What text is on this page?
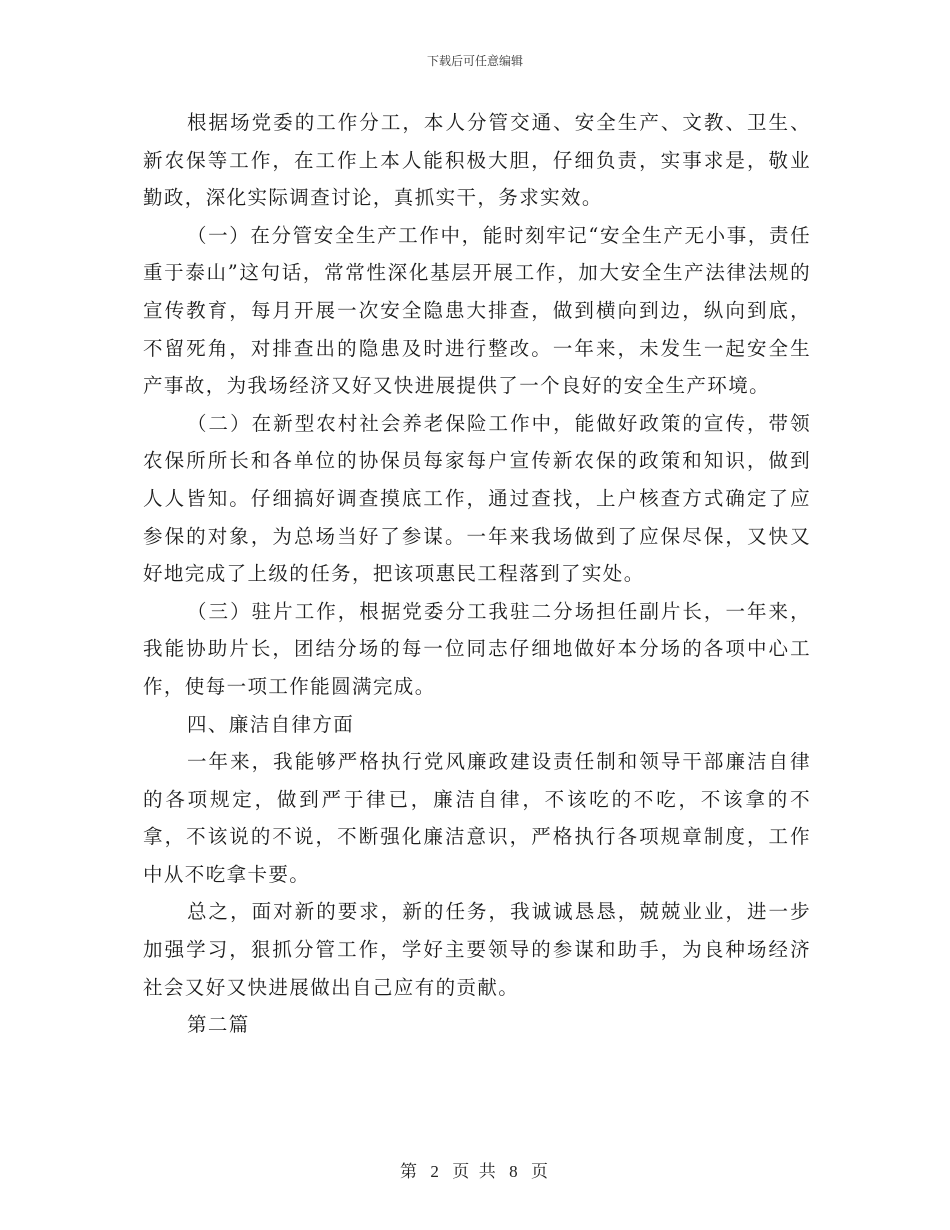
下载后可任意编辑

根据场党委的工作分工，本人分管交通、安全生产、文教、卫生、新农保等工作，在工作上本人能积极大胆，仔细负责，实事求是，敬业勤政，深化实际调查讨论，真抓实干，务求实效。

（一）在分管安全生产工作中，能时刻牢记“安全生产无小事，责任重于泰山”这句话，常常性深化基层开展工作，加大安全生产法律法规的宣传教育，每月开展一次安全隐患大排查，做到横向到边，纵向到底，不留死角，对排查出的隐患及时进行整改。一年来，未发生一起安全生产事故，为我场经济又好又快进展提供了一个良好的安全生产环境。

（二）在新型农村社会养老保险工作中，能做好政策的宣传，带领农保所所长和各单位的协保员每家每户宣传新农保的政策和知识，做到人人皆知。仔细搞好调查摸底工作，通过查找，上户核查方式确定了应参保的对象，为总场当好了参谋。一年来我场做到了应保尽保，又快又好地完成了上级的任务，把该项惠民工程落到了实处。

（三）驻片工作，根据党委分工我驻二分场担任副片长，一年来，我能协助片长，团结分场的每一位同志仔细地做好本分场的各项中心工作，使每一项工作能圆满完成。

四、廉洁自律方面

一年来，我能够严格执行党风廉政建设责任制和领导干部廉洁自律的各项规定，做到严于律已，廉洁自律，不该吃的不吃，不该拿的不拿，不该说的不说，不断强化廉洁意识，严格执行各项规章制度，工作中从不吃拿卡要。

总之，面对新的要求，新的任务，我诚诚恳恳，兢兢业业，进一步加强学习，狠抓分管工作，学好主要领导的参谋和助手，为良种场经济社会又好又快进展做出自己应有的贡献。

第二篇

第 2 页 共 8 页
